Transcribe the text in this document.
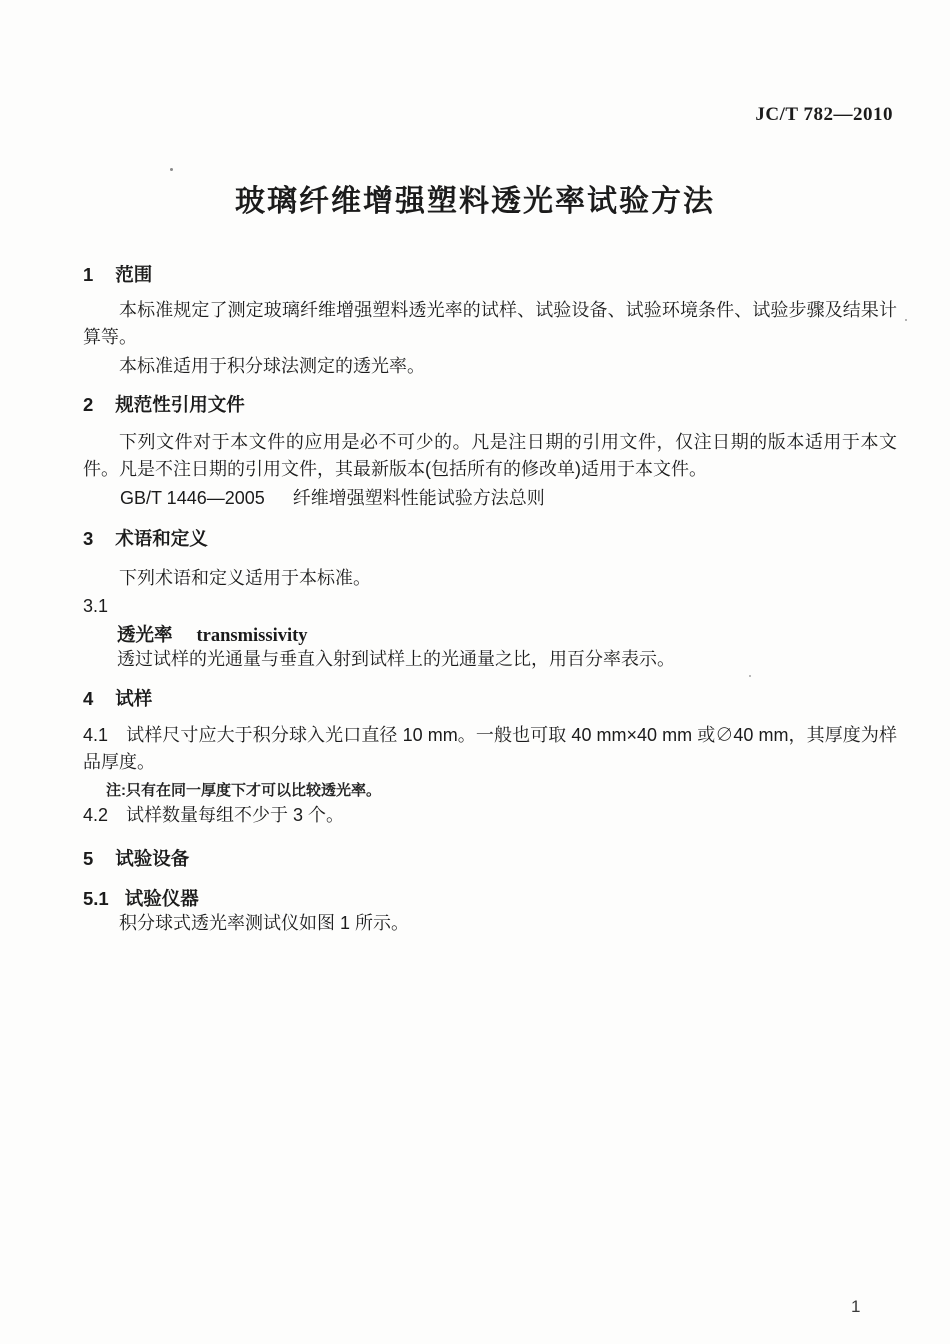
JC/T 782—2010
玻璃纤维增强塑料透光率试验方法
1 范围
本标准规定了测定玻璃纤维增强塑料透光率的试样、试验设备、试验环境条件、试验步骤及结果计算等。
本标准适用于积分球法测定的透光率。
2 规范性引用文件
下列文件对于本文件的应用是必不可少的。凡是注日期的引用文件，仅注日期的版本适用于本文件。凡是不注日期的引用文件，其最新版本(包括所有的修改单)适用于本文件。
GB/T 1446—2005 纤维增强塑料性能试验方法总则
3 术语和定义
下列术语和定义适用于本标准。
3.1
透光率 transmissivity
透过试样的光通量与垂直入射到试样上的光通量之比，用百分率表示。
4 试样
4.1 试样尺寸应大于积分球入光口直径 10 mm。一般也可取 40 mm×40 mm 或∅40 mm，其厚度为样品厚度。
注:只有在同一厚度下才可以比较透光率。
4.2 试样数量每组不少于 3 个。
5 试验设备
5.1 试验仪器
积分球式透光率测试仪如图 1 所示。
1
